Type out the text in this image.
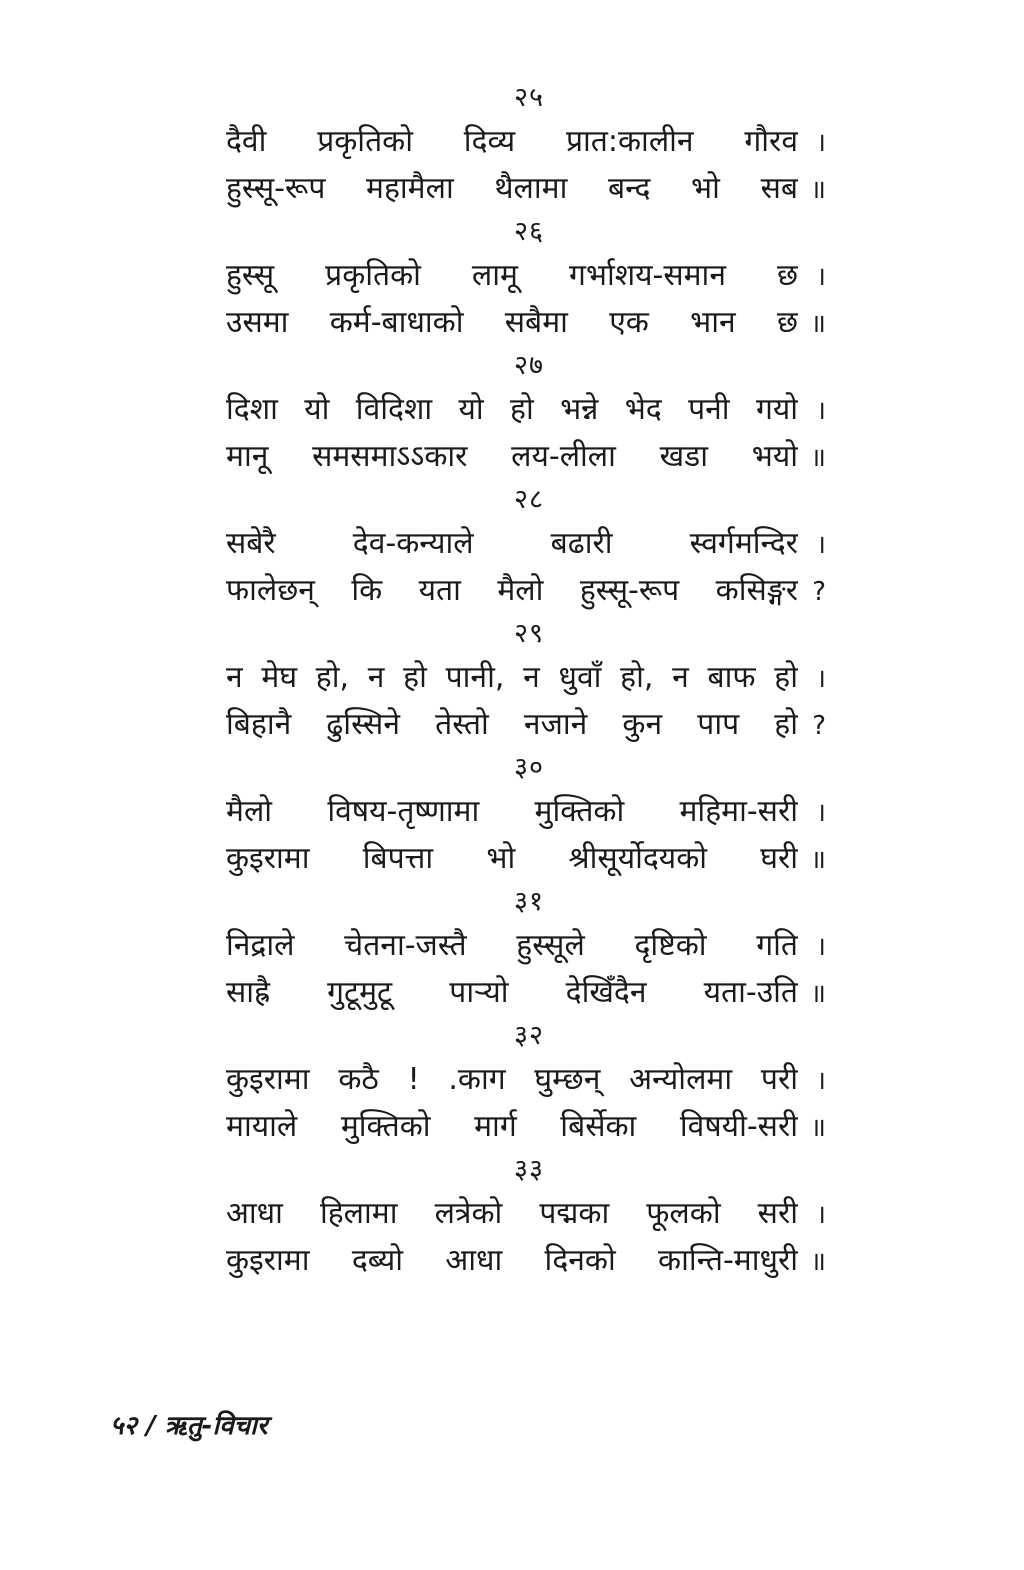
२५
दैवी प्रकृतिको दिव्य प्रात:कालीन गौरव ।
हुस्सू-रूप महामैला थैलामा बन्द भो सब ॥
२६
हुस्सू प्रकृतिको लामू गर्भाशय-समान छ ।
उसमा कर्म-बाधाको सबैमा एक भान छ ॥
२७
दिशा यो विदिशा यो हो भन्ने भेद पनी गयो ।
मानू समसमाऽऽकार लय-लीला खडा भयो ॥
२८
सबेरै देव-कन्याले बढारी स्वर्गमन्दिर ।
फालेछन् कि यता मैलो हुस्सू-रूप कसिङ्गर ?
२९
न मेघ हो, न हो पानी, न धुवाँ हो, न बाफ हो ।
बिहानै ढुस्सिने तेस्तो नजाने कुन पाप हो ?
३०
मैलो विषय-तृष्णामा मुक्तिको महिमा-सरी ।
कुइरामा बिपत्ता भो श्रीसूर्योदयको घरी ॥
३१
निद्राले चेतना-जस्तै हुस्सूले दृष्टिको गति ।
साह्रै गुटूमुटू पाऱ्यो देखिँदैन यता-उति ॥
३२
कुइरामा कठै ! .काग घुम्छन् अन्योलमा परी ।
मायाले मुक्तिको मार्ग बिर्सेका विषयी-सरी ॥
३३
आधा हिलामा लत्रेको पद्मका फूलको सरी ।
कुइरामा दब्यो आधा दिनको कान्ति-माधुरी ॥
५२ / ऋतु-विचार
